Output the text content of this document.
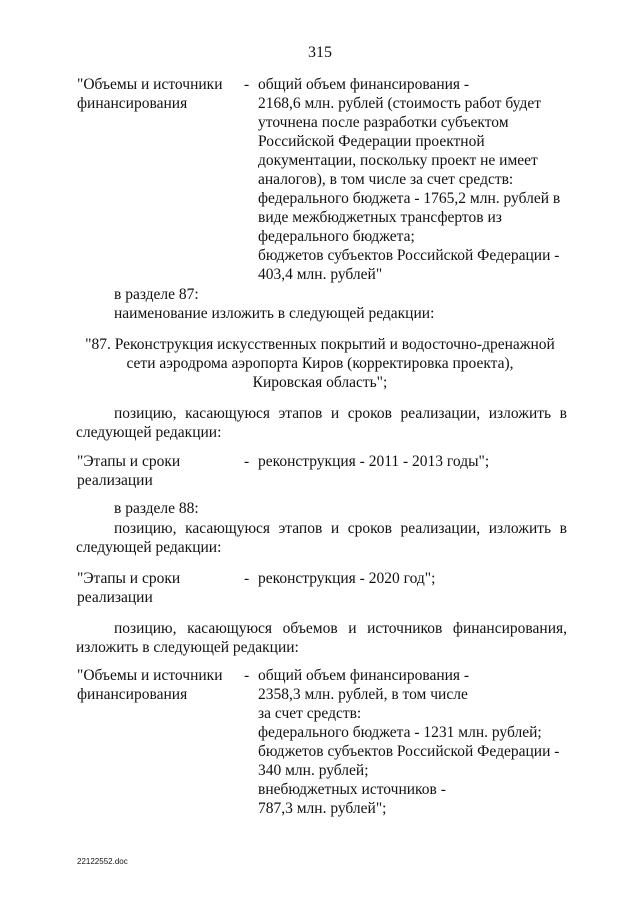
315
"Объемы и источники
финансирования
- общий объем финансирования -
2168,6 млн. рублей (стоимость работ будет
уточнена после разработки субъектом
Российской Федерации проектной
документации, поскольку проект не имеет
аналогов), в том числе за счет средств:
федерального бюджета - 1765,2 млн. рублей в
виде межбюджетных трансфертов из
федерального бюджета;
бюджетов субъектов Российской Федерации -
403,4 млн. рублей"
в разделе 87:
наименование изложить в следующей редакции:
"87. Реконструкция искусственных покрытий и водосточно-дренажной
сети аэродрома аэропорта Киров (корректировка проекта),
Кировская область";
позицию, касающуюся этапов и сроков реализации, изложить в
следующей редакции:
"Этапы и сроки
реализации
- реконструкция - 2011 - 2013 годы";
в разделе 88:
позицию, касающуюся этапов и сроков реализации, изложить в
следующей редакции:
"Этапы и сроки
реализации
- реконструкция - 2020 год";
позицию, касающуюся объемов и источников финансирования,
изложить в следующей редакции:
"Объемы и источники
финансирования
- общий объем финансирования -
2358,3 млн. рублей, в том числе
за счет средств:
федерального бюджета - 1231 млн. рублей;
бюджетов субъектов Российской Федерации -
340 млн. рублей;
внебюджетных источников -
787,3 млн. рублей";
22122552.doc
